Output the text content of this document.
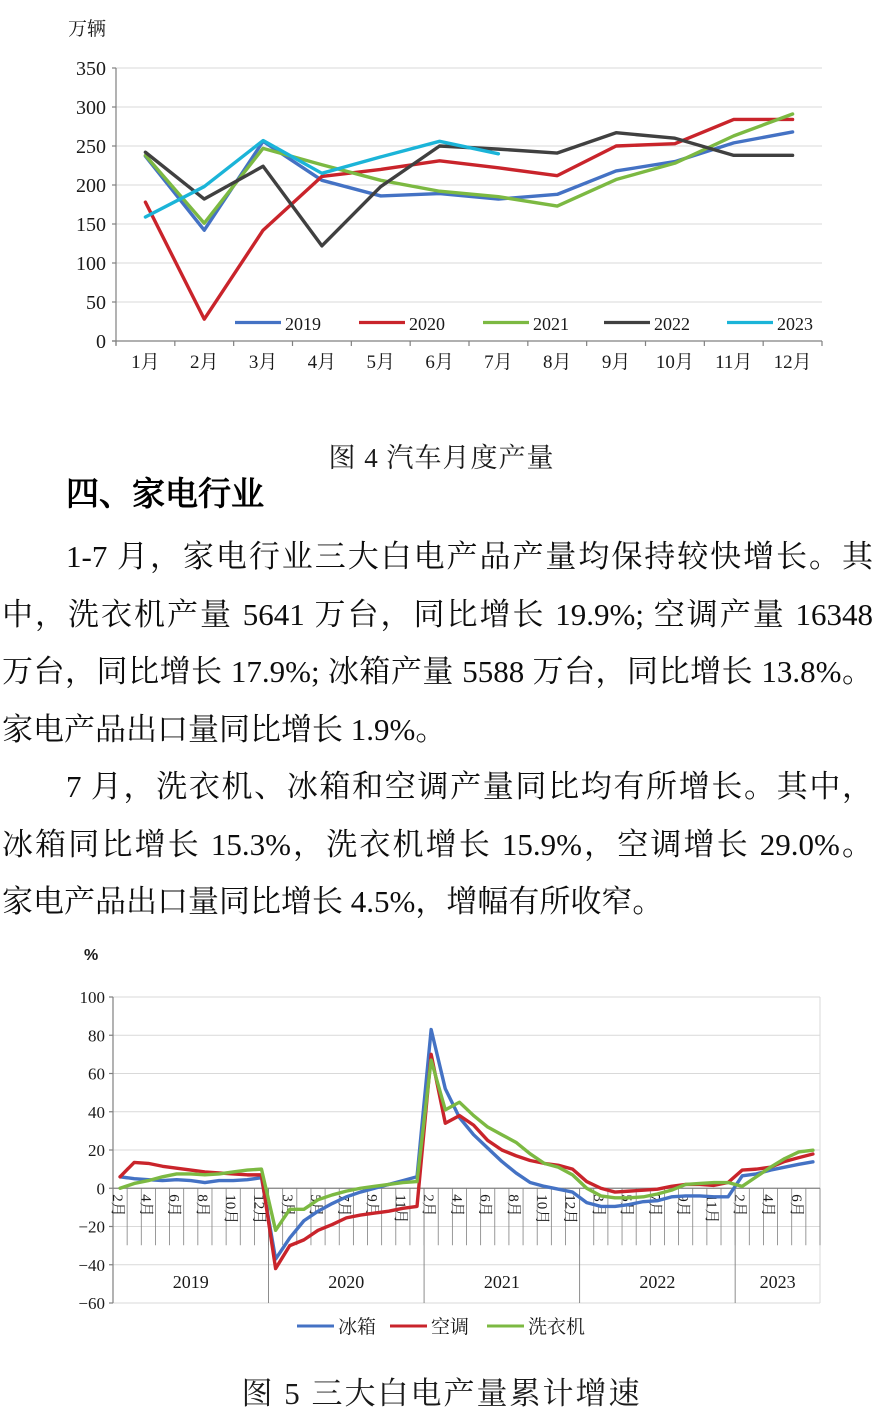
0
50
100
150
200
250
300
350
1月 2月 3月 4月 5月 6月 7月 8月 9月 10月 11月 12月
2019	2020	2021	2022	2023
−60
−40
−20
0
20
40
60
80
100
2月 4月 6月 8月 10月 12月 3月 5月 7月 9月 11月 2月 4月 6月 8月 10月 12月 3月 5月 7月 9月 11月 2月 4月 6月
2019	2020	2021	2022	2023
冰箱	空调	洗衣机
万辆
图 4 汽车月度产量
四、家电行业
1-7 月，家电行业三大白电产品产量均保持较快增长。其
中，洗衣机产量 5641 万台，同比增长 19.9%; 空调产量 16348
万台，同比增长 17.9%; 冰箱产量 5588 万台，同比增长 13.8%。
家电产品出口量同比增长 1.9%。
7 月，洗衣机、冰箱和空调产量同比均有所增长。其中，
冰箱同比增长 15.3%，洗衣机增长 15.9%，空调增长 29.0%。
家电产品出口量同比增长 4.5%，增幅有所收窄。
%
图 5 三大白电产量累计增速
